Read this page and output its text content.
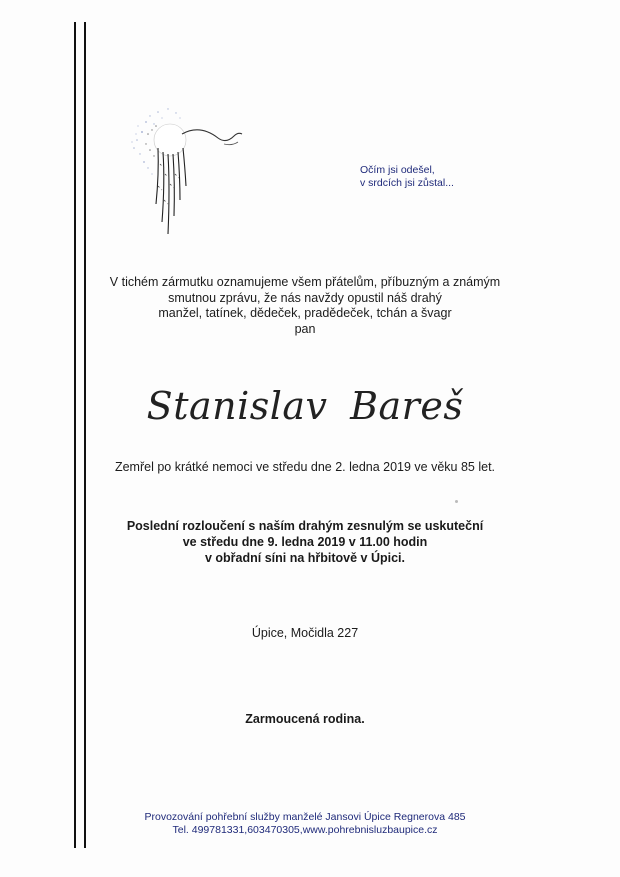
Očím jsi odešel,
v srdcích jsi zůstal...
V tichém zármutku oznamujeme všem přátelům, příbuzným a známým
smutnou zprávu, že nás navždy opustil náš drahý
manžel, tatínek, dědeček, pradědeček, tchán a švagr
pan
Stanislav Bareš
Zemřel po krátké nemoci ve středu dne 2. ledna 2019 ve věku 85 let.
Poslední rozloučení s naším drahým zesnulým se uskuteční
ve středu dne 9. ledna 2019 v 11.00 hodin
v obřadní síni na hřbitově v Úpici.
Úpice, Močidla 227
Zarmoucená rodina.
Provozování pohřební služby manželé Jansovi Úpice Regnerova 485
Tel. 499781331,603470305,www.pohrebnisluzbaupice.cz
